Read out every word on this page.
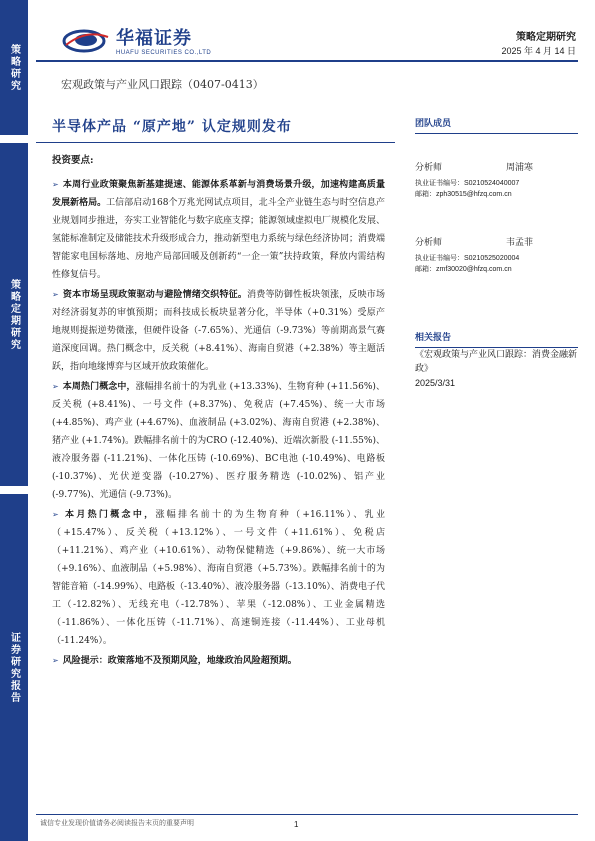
策略研究
策略定期研究
证券研究报告
华福证券
HUAFU SECURITIES CO.,LTD
策略定期研究
2025 年 4 月 14 日
宏观政策与产业风口跟踪（0407-0413）
半导体产品 “原产地” 认定规则发布
投资要点:
➢ 本周行业政策聚焦新基建提速、能源体系革新与消费场景升级，加速构建高质量发展新格局。工信部启动168个万兆光网试点项目，北斗全产业链生态与时空信息产业规划同步推进，夯实工业智能化与数字底座支撑；能源领域虚拟电厂规模化发展、氢能标准制定及储能技术升级形成合力，推动新型电力系统与绿色经济协同；消费端智能家电国标落地、房地产局部回暖及创新药“一企一策”扶持政策，释放内需结构性修复信号。
➢ 资本市场呈现政策驱动与避险情绪交织特征。消费等防御性板块领涨，反映市场对经济弱复苏的审慎预期；而科技成长板块显著分化，半导体（+0.31%）受原产地规则提振逆势微涨，但硬件设备（-7.65%）、光通信（-9.73%）等前期高景气赛道深度回调。热门概念中，反关税（+8.41%）、海南自贸港（+2.38%）等主题活跃，指向地缘博弈与区域开放政策催化。
➢ 本周热门概念中，涨幅排名前十的为乳业 (+13.33%)、生物育种 (+11.56%)、反关税 (+8.41%)、一号文件 (+8.37%)、免税店 (+7.45%)、统一大市场 (+4.85%)、鸡产业 (+4.67%)、血液制品 (+3.02%)、海南自贸港 (+2.38%)、猪产业 (+1.74%)。跌幅排名前十的为CRO (-12.40%)、近端次新股 (-11.55%)、液冷服务器 (-11.21%)、一体化压铸 (-10.69%)、BC电池 (-10.49%)、电路板 (-10.37%)、光伏逆变器 (-10.27%)、医疗服务精选 (-10.02%)、铝产业 (-9.77%)、光通信 (-9.73%)。
➢ 本月热门概念中，涨幅排名前十的为生物育种（+16.11%）、乳业（+15.47%）、反关税（+13.12%）、一号文件（+11.61%）、免税店（+11.21%）、鸡产业（+10.61%）、动物保健精选（+9.86%）、统一大市场（+9.16%）、血液制品（+5.98%）、海南自贸港（+5.73%）。跌幅排名前十的为智能音箱（-14.99%）、电路板（-13.40%）、液冷服务器（-13.10%）、消费电子代工（-12.82%）、无线充电（-12.78%）、苹果（-12.08%）、工业金属精选（-11.86%）、一体化压铸（-11.71%）、高速铜连接（-11.44%）、工业母机（-11.24%）。
➢ 风险提示：政策落地不及预期风险，地缘政治风险超预期。
团队成员
分析师	周浦寒
执业证书编号：S0210524040007
邮箱：zph30515@hfzq.com.cn
分析师	韦孟菲
执业证书编号：S0210525020004
邮箱：zmf30020@hfzq.com.cn
相关报告
《宏观政策与产业风口跟踪：消费金融新政》
2025/3/31
诚信专业发现价值请务必阅读报告末页的重要声明	1
